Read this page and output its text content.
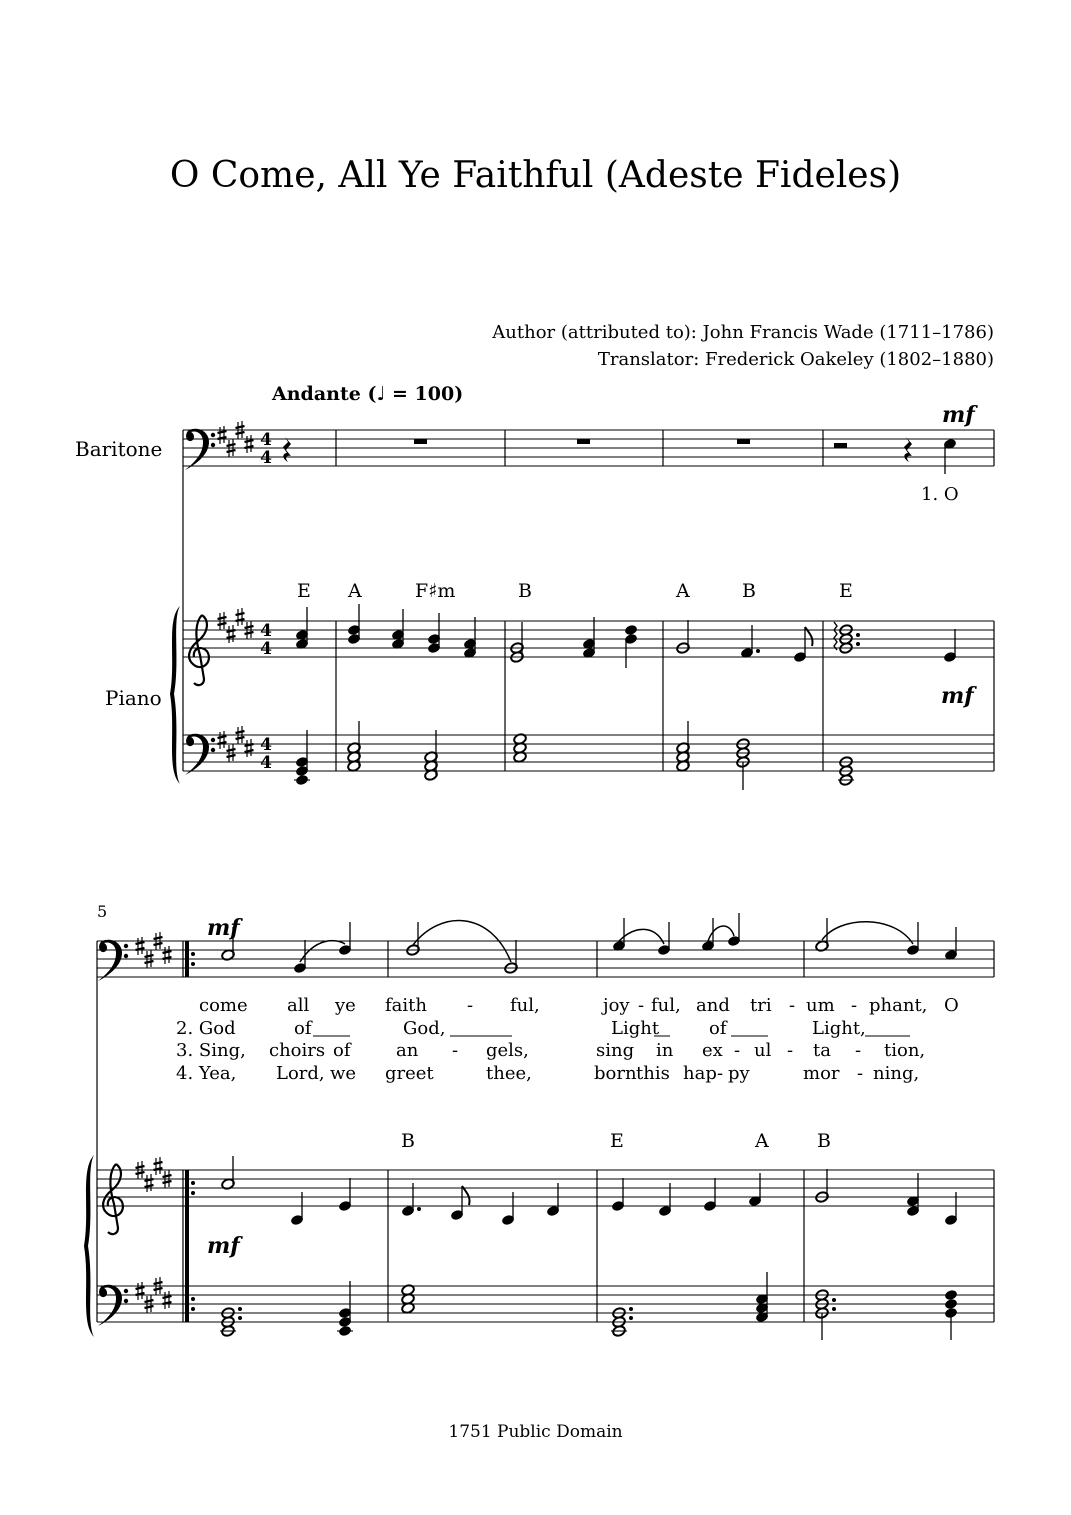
O Come, All Ye Faithful (Adeste Fideles)
Author (attributed to): John Francis Wade (1711–1786)
Translator: Frederick Oakeley (1802–1880)
Andante (♩ = 100)
Baritone
Piano
5
1751 Public Domain
E A	F♯m	B	A	B	E
B	E	A	B
mf
mf
mf
mf
1. O
come all ye faith - ful,	joy - ful, and tri - um - phant, O
2. God	of	God,	Light	of	Light,
3. Sing, choirs of	an - gels,	sing in ex - ul - ta - tion,
4. Yea, Lord, we greet	thee,	born this hap - py	mor - ning,
4
4
4
4
4
4
